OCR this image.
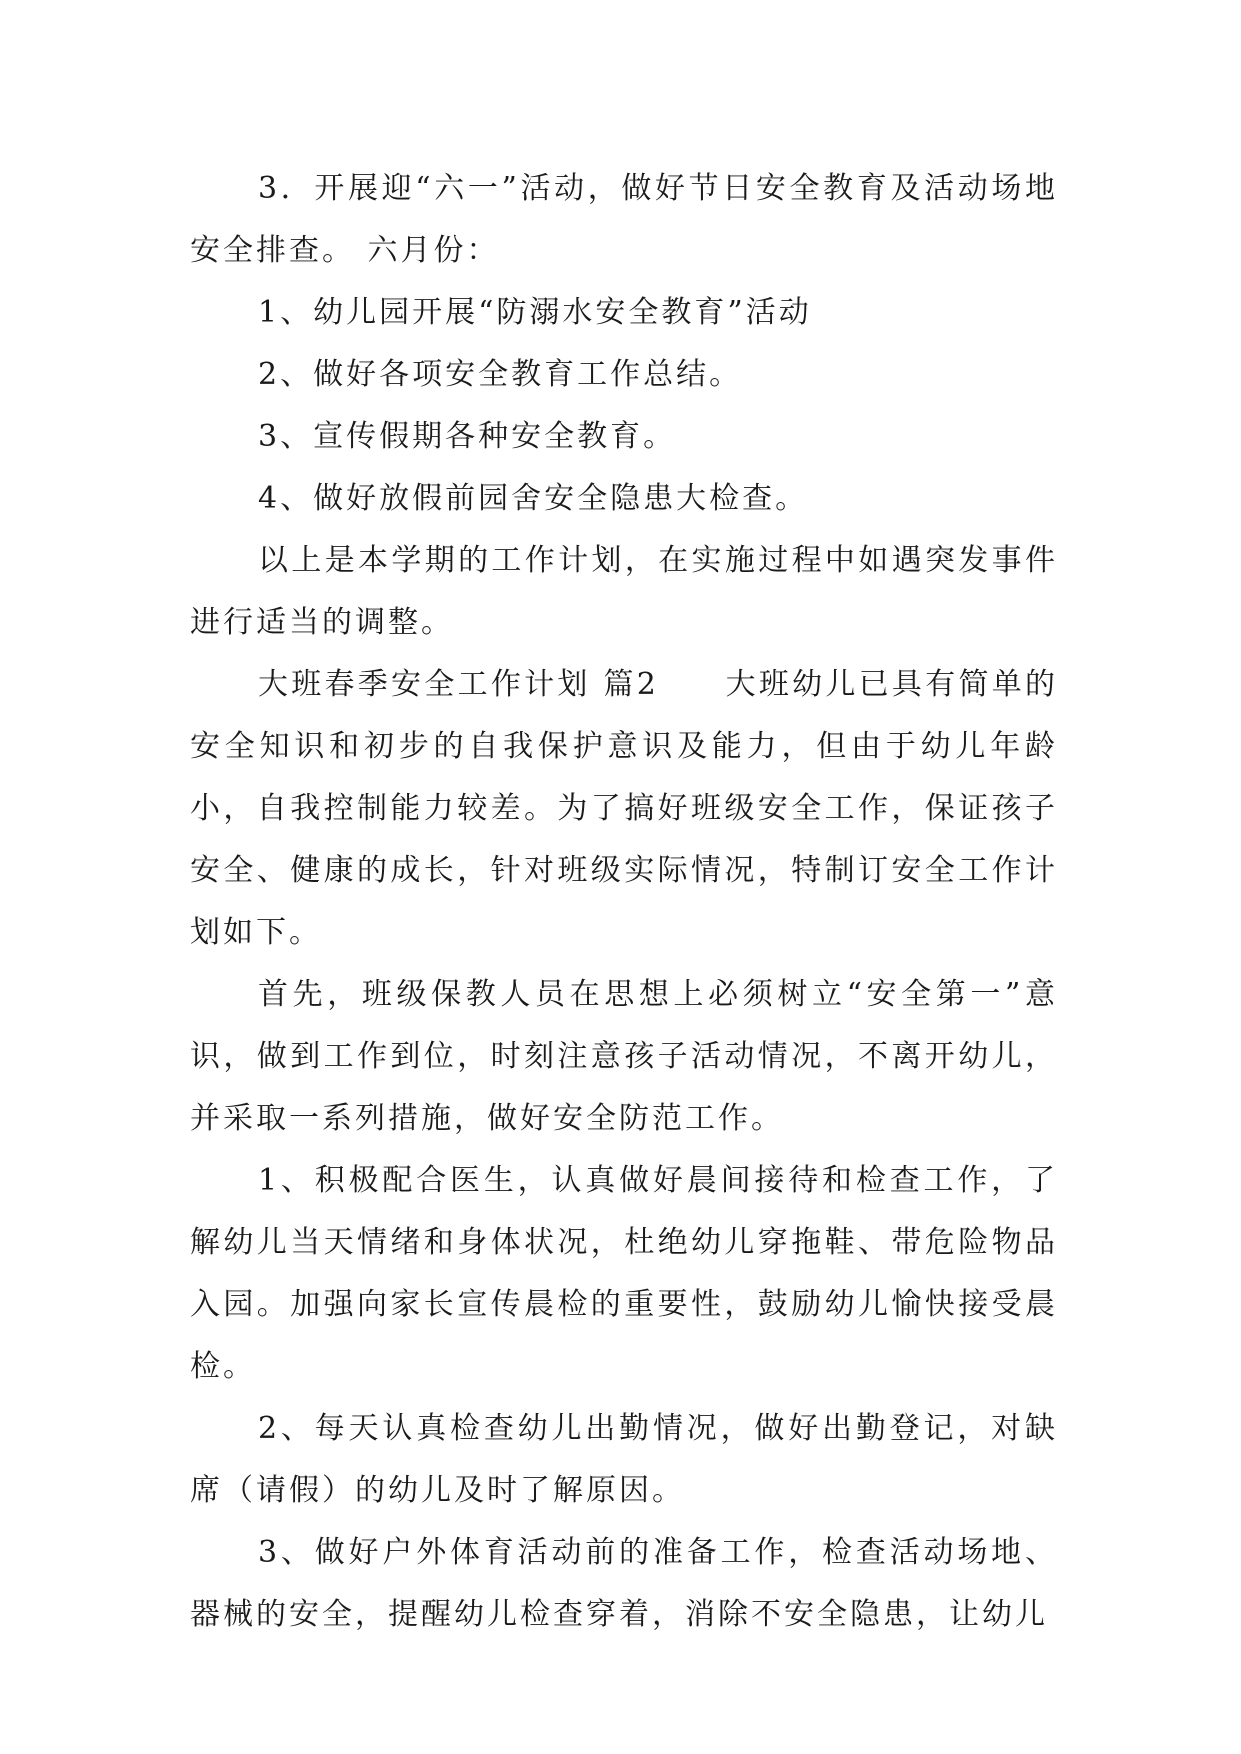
3．开展迎“六一”活动，做好节日安全教育及活动场地安全排查。 六月份：

1、幼儿园开展“防溺水安全教育”活动

2、做好各项安全教育工作总结。

3、宣传假期各种安全教育。

4、做好放假前园舍安全隐患大检查。

以上是本学期的工作计划，在实施过程中如遇突发事件进行适当的调整。

大班春季安全工作计划 篇2　　大班幼儿已具有简单的安全知识和初步的自我保护意识及能力，但由于幼儿年龄小，自我控制能力较差。为了搞好班级安全工作，保证孩子安全、健康的成长，针对班级实际情况，特制订安全工作计划如下。

首先，班级保教人员在思想上必须树立“安全第一”意识，做到工作到位，时刻注意孩子活动情况，不离开幼儿，并采取一系列措施，做好安全防范工作。

1、积极配合医生，认真做好晨间接待和检查工作，了解幼儿当天情绪和身体状况，杜绝幼儿穿拖鞋、带危险物品入园。加强向家长宣传晨检的重要性，鼓励幼儿愉快接受晨检。

2、每天认真检查幼儿出勤情况，做好出勤登记，对缺席（请假）的幼儿及时了解原因。

3、做好户外体育活动前的准备工作，检查活动场地、器械的安全，提醒幼儿检查穿着，消除不安全隐患，让幼儿
